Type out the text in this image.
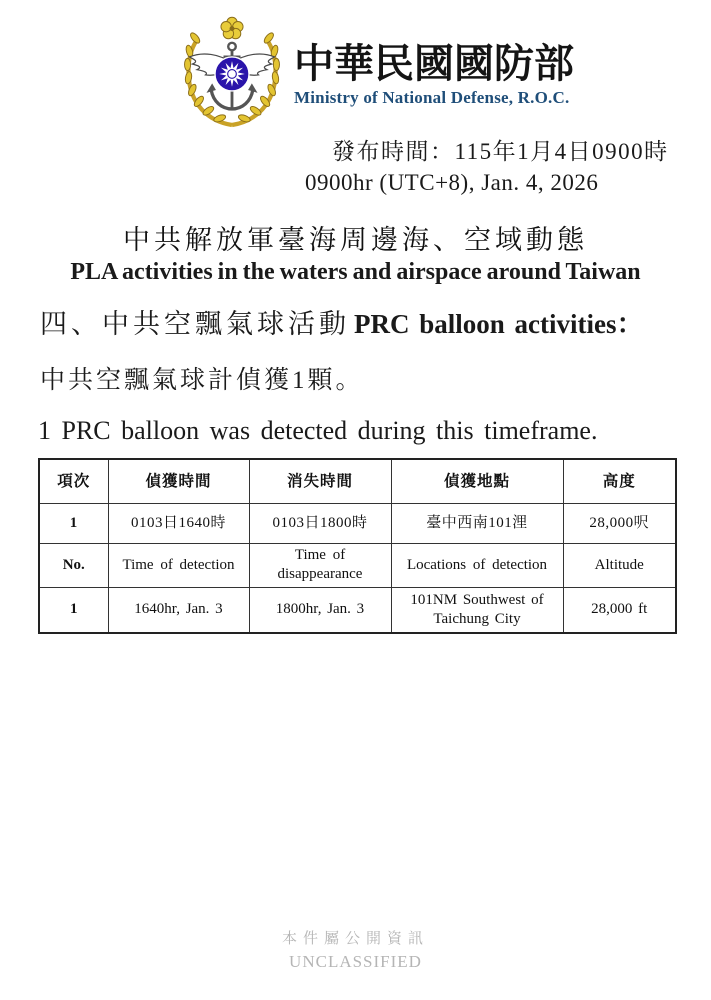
中華民國國防部
Ministry of National Defense, R.O.C.
發布時間：115年1月4日0900時
0900hr (UTC+8), Jan. 4, 2026
中共解放軍臺海周邊海、空域動態
PLA activities in the waters and airspace around Taiwan
四、中共空飄氣球活動 PRC balloon activities：

中共空飄氣球計偵獲1顆。

1 PRC balloon was detected during this timeframe.

項次	偵獲時間	消失時間	偵獲地點	高度
1	0103日1640時	0103日1800時	臺中西南101浬	28,000呎
No.	Time of detection	Time of disappearance	Locations of detection	Altitude
1	1640hr, Jan. 3	1800hr, Jan. 3	101NM Southwest of Taichung City	28,000 ft
本件屬公開資訊
UNCLASSIFIED
